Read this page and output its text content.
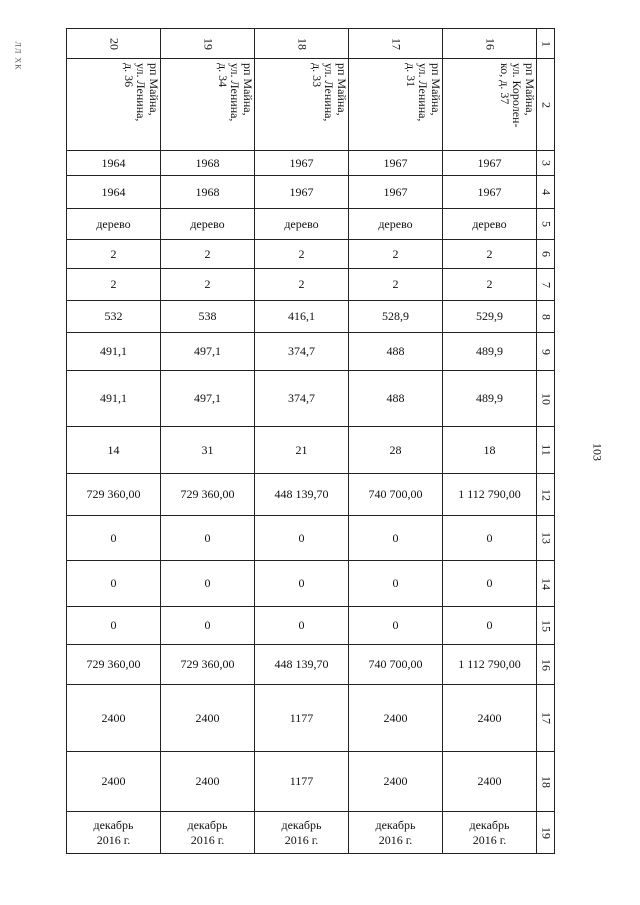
103
ЛЛ ХК	20	19	18	17	16	1

рп Майна,
ул. Ленина,
д. 36	рп Майна,
ул. Ленина,
д. 34	рп Майна,
ул. Ленина,
д. 33	рп Майна,
ул. Ленина,
д. 31	рп Майна,
ул. Королен-
ко, д. 37	2

1964	1968	1967	1967	1967	3

1964	1968	1967	1967	1967	4

дерево	дерево	дерево	дерево	дерево	5

2	2	2	2	2	6

2	2	2	2	2	7

532	538	416,1	528,9	529,9	8

491,1	497,1	374,7	488	489,9	9

491,1	497,1	374,7	488	489,9	10

14	31	21	28	18	11

729 360,00	729 360,00	448 139,70	740 700,00	1 112 790,00	12

0	0	0	0	0	13

0	0	0	0	0	14

0	0	0	0	0	15

729 360,00	729 360,00	448 139,70	740 700,00	1 112 790,00	16

2400	2400	1177	2400	2400	17

2400	2400	1177	2400	2400	18

декабрь
2016 г.	декабрь
2016 г.	декабрь
2016 г.	декабрь
2016 г.	декабрь
2016 г.	19
